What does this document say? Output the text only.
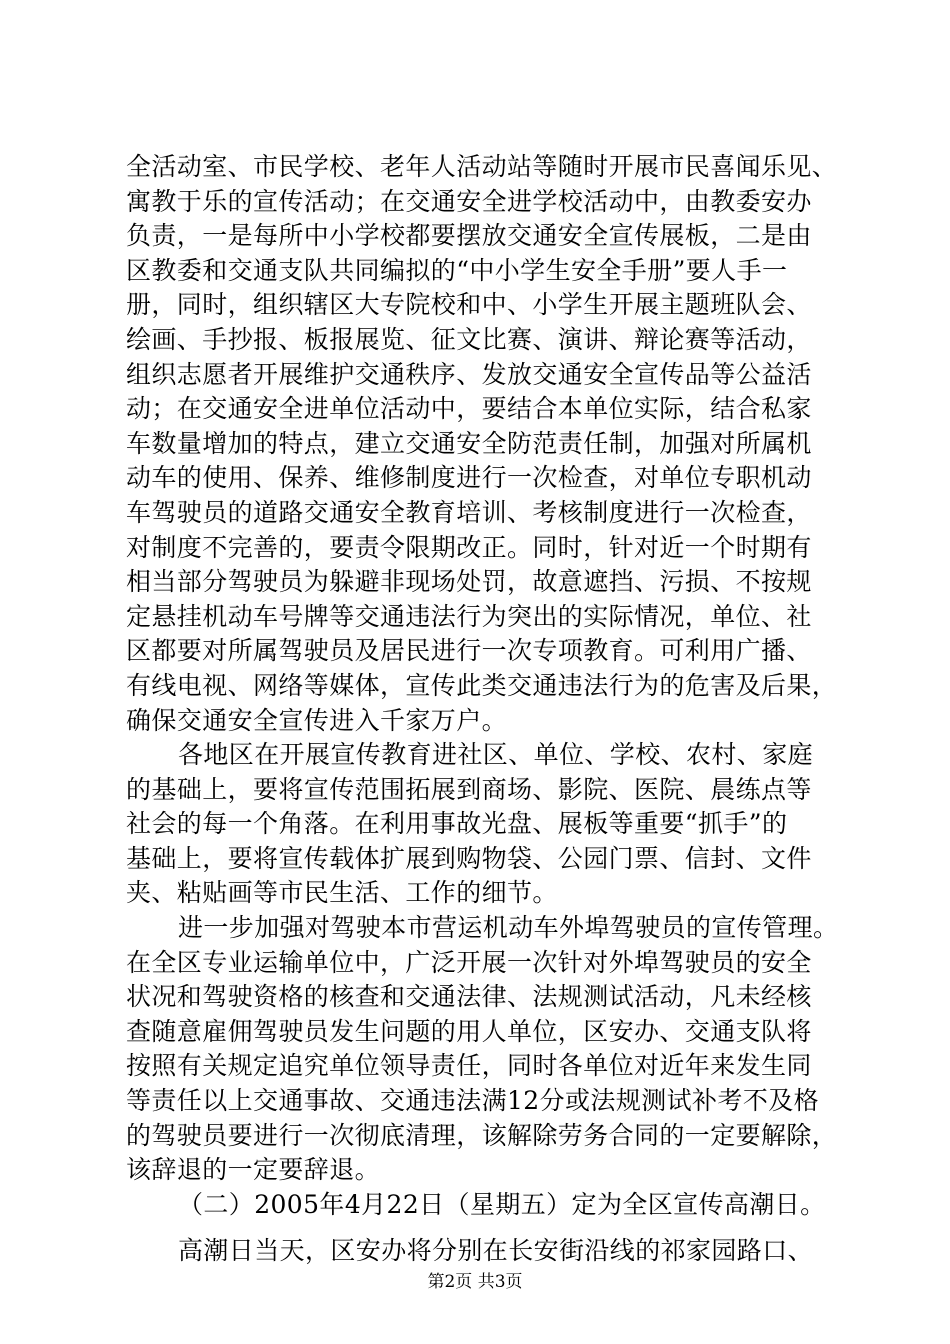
全活动室、市民学校、老年人活动站等随时开展市民喜闻乐见、
寓教于乐的宣传活动；在交通安全进学校活动中，由教委安办
负责，一是每所中小学校都要摆放交通安全宣传展板，二是由
区教委和交通支队共同编拟的“中小学生安全手册”要人手一
册，同时，组织辖区大专院校和中、小学生开展主题班队会、
绘画、手抄报、板报展览、征文比赛、演讲、辩论赛等活动，
组织志愿者开展维护交通秩序、发放交通安全宣传品等公益活
动；在交通安全进单位活动中，要结合本单位实际，结合私家
车数量增加的特点，建立交通安全防范责任制，加强对所属机
动车的使用、保养、维修制度进行一次检查，对单位专职机动
车驾驶员的道路交通安全教育培训、考核制度进行一次检查，
对制度不完善的，要责令限期改正。同时，针对近一个时期有
相当部分驾驶员为躲避非现场处罚，故意遮挡、污损、不按规
定悬挂机动车号牌等交通违法行为突出的实际情况，单位、社
区都要对所属驾驶员及居民进行一次专项教育。可利用广播、
有线电视、网络等媒体，宣传此类交通违法行为的危害及后果，
确保交通安全宣传进入千家万户。
各地区在开展宣传教育进社区、单位、学校、农村、家庭
的基础上，要将宣传范围拓展到商场、影院、医院、晨练点等
社会的每一个角落。在利用事故光盘、展板等重要“抓手”的
基础上，要将宣传载体扩展到购物袋、公园门票、信封、文件
夹、粘贴画等市民生活、工作的细节。
进一步加强对驾驶本市营运机动车外埠驾驶员的宣传管理。
在全区专业运输单位中，广泛开展一次针对外埠驾驶员的安全
状况和驾驶资格的核查和交通法律、法规测试活动，凡未经核
查随意雇佣驾驶员发生问题的用人单位，区安办、交通支队将
按照有关规定追究单位领导责任，同时各单位对近年来发生同
等责任以上交通事故、交通违法满12分或法规测试补考不及格
的驾驶员要进行一次彻底清理，该解除劳务合同的一定要解除，
该辞退的一定要辞退。
（二）2005年4月22日（星期五）定为全区宣传高潮日。
高潮日当天，区安办将分别在长安街沿线的祁家园路口、
第2页 共3页
